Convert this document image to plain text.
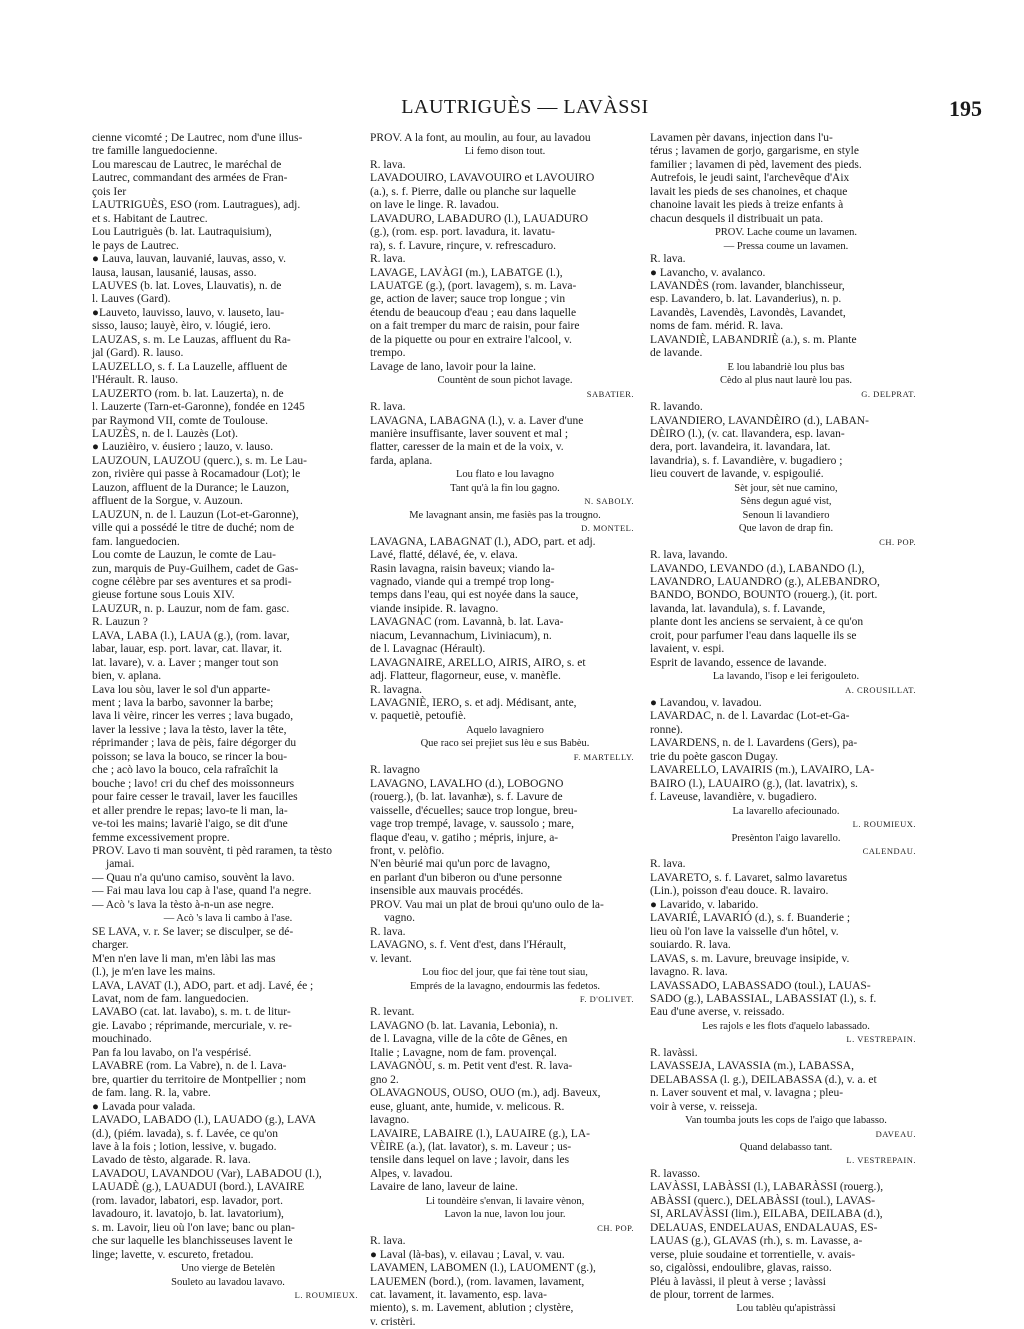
LAUTRIGUÈS — LAVÀSSI	195

cienne vicomté ; De Lautrec, nom d'une illus-

tre famille languedocienne.

Lou marescau de Lautrec, le maréchal de

Lautrec, commandant des armées de Fran-

çois Ier

LAUTRIGUÈS, ESO (rom. Lautragues), adj.

et s. Habitant de Lautrec.

Lou Lautriguès (b. lat. Lautraquisium),

le pays de Lautrec.

● Lauva, lauvan, lauvanié, lauvas, asso, v.

lausa, lausan, lausanié, lausas, asso.

LAUVES (b. lat. Loves, Llauvatis), n. de

l. Lauves (Gard).

●Lauveto, lauvisso, lauvo, v. lauseto, lau-

sisso, lauso; lauyè, èiro, v. lóugié, iero.

LAUZAS, s. m. Le Lauzas, affluent du Ra-

jal (Gard). R. lauso.

LAUZELLO, s. f. La Lauzelle, affluent de

l'Hérault. R. lauso.

LAUZERTO (rom. b. lat. Lauzerta), n. de

l. Lauzerte (Tarn-et-Garonne), fondée en 1245

par Raymond VII, comte de Toulouse.

LAUZÈS, n. de l. Lauzès (Lot).

● Lauzièiro, v. éusiero ; lauzo, v. lauso.

LAUZOUN, LAUZOU (querc.), s. m. Le Lau-

zon, rivière qui passe à Rocamadour (Lot); le

Lauzon, affluent de la Durance; le Lauzon,

affluent de la Sorgue, v. Auzoun.

LAUZUN, n. de l. Lauzun (Lot-et-Garonne),

ville qui a possédé le titre de duché; nom de

fam. languedocien.

Lou comte de Lauzun, le comte de Lau-

zun, marquis de Puy-Guilhem, cadet de Gas-

cogne célèbre par ses aventures et sa prodi-

gieuse fortune sous Louis XIV.

LAUZUR, n. p. Lauzur, nom de fam. gasc.

R. Lauzun ?

LAVA, LABA (l.), LAUA (g.), (rom. lavar,

labar, lauar, esp. port. lavar, cat. llavar, it.

lat. lavare), v. a. Laver ; manger tout son

bien, v. aplana.

Lava lou sòu, laver le sol d'un apparte-

ment ; lava la barbo, savonner la barbe;

lava li vèire, rincer les verres ; lava bugado,

laver la lessive ; lava la tèsto, laver la tête,

réprimander ; lava de pèis, faire dégorger du

poisson; se lava la bouco, se rincer la bou-

che ; acò lavo la bouco, cela rafraîchit la

bouche ; lavo! cri du chef des moissonneurs

pour faire cesser le travail, laver les faucilles

et aller prendre le repas; lavo-te li man, la-

ve-toi les mains; lavariè l'aigo, se dit d'une

femme excessivement propre.

PROV. Lavo ti man souvènt, ti pèd raramen, ta tèsto

jamai.

— Quau n'a qu'uno camiso, souvènt la lavo.

— Fai mau lava lou cap à l'ase, quand l'a negre.

— Acò 's lava la tèsto à-n-un ase negre.

— Acò 's lava li cambo à l'ase.

SE LAVA, v. r. Se laver; se disculper, se dé-

charger.

M'en n'en lave li man, m'en làbi las mas

(l.), je m'en lave les mains.

LAVA, LAVAT (l.), ADO, part. et adj. Lavé, ée ;

Lavat, nom de fam. languedocien.

LAVABO (cat. lat. lavabo), s. m. t. de litur-

gie. Lavabo ; réprimande, mercuriale, v. re-

mouchinado.

Pan fa lou lavabo, on l'a vespérisé.

LAVABRE (rom. La Vabre), n. de l. Lava-

bre, quartier du territoire de Montpellier ; nom

de fam. lang. R. la, vabre.

● Lavada pour valada.

LAVADO, LABADO (l.), LAUADO (g.), LAVA

(d.), (piém. lavada), s. f. Lavée, ce qu'on

lave à la fois ; lotion, lessive, v. bugado.

Lavado de tèsto, algarade. R. lava.

LAVADOU, LAVANDOU (Var), LABADOU (l.),

LAUADÈ (g.), LAUADUI (bord.), LAVAIRE

(rom. lavador, labatori, esp. lavador, port.

lavadouro, it. lavatojo, b. lat. lavatorium),

s. m. Lavoir, lieu où l'on lave; banc ou plan-

che sur laquelle les blanchisseuses lavent le

linge; lavette, v. escureto, fretadou.

Uno vierge de Betelèn

Souleto au lavadou lavavo.

L. ROUMIEUX.

PROV. A la font, au moulin, au four, au lavadou

Li femo dison tout.

R. lava.

LAVADOUIRO, LAVAVOUIRO et LAVOUIRO

(a.), s. f. Pierre, dalle ou planche sur laquelle

on lave le linge. R. lavadou.

LAVADURO, LABADURO (l.), LAUADURO

(g.), (rom. esp. port. lavadura, it. lavatu-

ra), s. f. Lavure, rinçure, v. refrescaduro.

R. lava.

LAVAGE, LAVÀGI (m.), LABATGE (l.),

LAUATGE (g.), (port. lavagem), s. m. Lava-

ge, action de laver; sauce trop longue ; vin

étendu de beaucoup d'eau ; eau dans laquelle

on a fait tremper du marc de raisin, pour faire

de la piquette ou pour en extraire l'alcool, v.

trempo.

Lavage de lano, lavoir pour la laine.

Countènt de soun pichot lavage.

SABATIER.

R. lava.

LAVAGNA, LABAGNA (l.), v. a. Laver d'une

manière insuffisante, laver souvent et mal ;

flatter, caresser de la main et de la voix, v.

farda, aplana.

Lou flato e lou lavagno

Tant qu'à la fin lou gagno.

N. SABOLY.

Me lavagnant ansin, me fasiès pas la trougno.

D. MONTEL.

LAVAGNA, LABAGNAT (l.), ADO, part. et adj.

Lavé, flatté, délavé, ée, v. elava.

Rasin lavagna, raisin baveux; viando la-

vagnado, viande qui a trempé trop long-

temps dans l'eau, qui est noyée dans la sauce,

viande insipide. R. lavagno.

LAVAGNAC (rom. Lavannà, b. lat. Lava-

niacum, Levannachum, Liviniacum), n.

de l. Lavagnac (Hérault).

LAVAGNAIRE, ARELLO, AIRIS, AIRO, s. et

adj. Flatteur, flagorneur, euse, v. manèfle.

R. lavagna.

LAVAGNIÈ, IERO, s. et adj. Médisant, ante,

v. paquetiè, petoufiè.

Aquelo lavagniero

Que raco sei prejiet sus lèu e sus Babèu.

F. MARTELLY.

R. lavagno

LAVAGNO, LAVALHO (d.), LOBOGNO

(rouerg.), (b. lat. lavanhæ), s. f. Lavure de

vaisselle, d'écuelles; sauce trop longue, breu-

vage trop trempé, lavage, v. saussolo ; mare,

flaque d'eau, v. gatiho ; mépris, injure, a-

front, v. pelòfio.

N'en bèurié mai qu'un porc de lavagno,

en parlant d'un biberon ou d'une personne

insensible aux mauvais procédés.

PROV. Vau mai un plat de broui qu'uno oulo de la-

vagno.

R. lava.

LAVAGNO, s. f. Vent d'est, dans l'Hérault,

v. levant.

Lou fioc del jour, que fai tène tout siau,

Emprés de la lavagno, endourmis las fedetos.

F. D'OLIVET.

R. levant.

LAVAGNO (b. lat. Lavania, Lebonia), n.

de l. Lavagna, ville de la côte de Gênes, en

Italie ; Lavagne, nom de fam. provençal.

LAVAGNÒU, s. m. Petit vent d'est. R. lava-

gno 2.

OLAVAGNOUS, OUSO, OUO (m.), adj. Baveux,

euse, gluant, ante, humide, v. melicous. R.

lavagno.

LAVAIRE, LABAIRE (l.), LAUAIRE (g.), LA-

VÈIRE (a.), (lat. lavator), s. m. Laveur ; us-

tensile dans lequel on lave ; lavoir, dans les

Alpes, v. lavadou.

Lavaire de lano, laveur de laine.

Li toundèire s'envan, li lavaire vènon,

Lavon la nue, lavon lou jour.

CH. POP.

R. lava.

● Laval (là-bas), v. eilavau ; Laval, v. vau.

LAVAMEN, LABOMEN (l.), LAUOMENT (g.),

LAUEMEN (bord.), (rom. lavamen, lavament,

cat. lavament, it. lavamento, esp. lava-

miento), s. m. Lavement, ablution ; clystère,

v. cristèri.

Lavamen pèr davans, injection dans l'u-

térus ; lavamen de gorjo, gargarisme, en style

familier ; lavamen di pèd, lavement des pieds.

Autrefois, le jeudi saint, l'archevêque d'Aix

lavait les pieds de ses chanoines, et chaque

chanoine lavait les pieds à treize enfants à

chacun desquels il distribuait un pata.

PROV. Lache coume un lavamen.

— Pressa coume un lavamen.

R. lava.

● Lavancho, v. avalanco.

LAVANDÈS (rom. lavander, blanchisseur,

esp. Lavandero, b. lat. Lavanderius), n. p.

Lavandès, Lavendès, Lavondès, Lavandet,

noms de fam. mérid. R. lava.

LAVANDIÈ, LABANDRIÈ (a.), s. m. Plante

de lavande.

E lou labandriè lou plus bas

Cèdo al plus naut laurè lou pas.

G. DELPRAT.

R. lavando.

LAVANDIERO, LAVANDÈIRO (d.), LABAN-

DÈIRO (l.), (v. cat. llavandera, esp. lavan-

dera, port. lavandeira, it. lavandara, lat.

lavandria), s. f. Lavandière, v. bugadiero ;

lieu couvert de lavande, v. espigoulié.

Sèt jour, sèt nue camino,

Sèns degun agué vist,

Senoun li lavandiero

Que lavon de drap fin.

CH. POP.

R. lava, lavando.

LAVANDO, LEVANDO (d.), LABANDO (l.),

LAVANDRO, LAUANDRO (g.), ALEBANDRO,

BANDO, BONDO, BOUNTO (rouerg.), (it. port.

lavanda, lat. lavandula), s. f. Lavande,

plante dont les anciens se servaient, à ce qu'on

croit, pour parfumer l'eau dans laquelle ils se

lavaient, v. espi.

Esprit de lavando, essence de lavande.

La lavando, l'isop e lei ferigouleto.

A. CROUSILLAT.

● Lavandou, v. lavadou.

LAVARDAC, n. de l. Lavardac (Lot-et-Ga-

ronne).

LAVARDENS, n. de l. Lavardens (Gers), pa-

trie du poète gascon Dugay.

LAVARELLO, LAVAIRIS (m.), LAVAIRO, LA-

BAIRO (l.), LAUAIRO (g.), (lat. lavatrix), s.

f. Laveuse, lavandière, v. bugadiero.

La lavarello afeciounado.

L. ROUMIEUX.

Presènton l'aigo lavarello.

CALENDAU.

R. lava.

LAVARETO, s. f. Lavaret, salmo lavaretus

(Lin.), poisson d'eau douce. R. lavairo.

● Lavarido, v. labarido.

LAVARIÉ, LAVARIÓ (d.), s. f. Buanderie ;

lieu où l'on lave la vaisselle d'un hôtel, v.

souiardo. R. lava.

LAVAS, s. m. Lavure, breuvage insipide, v.

lavagno. R. lava.

LAVASSADO, LABASSADO (toul.), LAUAS-

SADO (g.), LABASSIAL, LABASSIAT (l.), s. f.

Eau d'une averse, v. reissado.

Les rajols e les flots d'aquelo labassado.

L. VESTREPAIN.

R. lavàssi.

LAVASSEJA, LAVASSIA (m.), LABASSA,

DELABASSA (l. g.), DEILABASSA (d.), v. a. et

n. Laver souvent et mal, v. lavagna ; pleu-

voir à verse, v. reisseja.

Van toumba jouts les cops de l'aigo que labasso.

DAVEAU.

Quand delabasso tant.

L. VESTREPAIN.

R. lavasso.

LAVÀSSI, LABÀSSI (l.), LABARÀSSI (rouerg.),

ABÀSSI (querc.), DELABÀSSI (toul.), LAVAS-

SI, ARLAVÀSSI (lim.), EILABA, DEILABA (d.),

DELAUAS, ENDELAUAS, ENDALAUAS, ES-

LAUAS (g.), GLAVAS (rh.), s. m. Lavasse, a-

verse, pluie soudaine et torrentielle, v. avais-

so, cigalòssi, endoulibre, glavas, raisso.

Pléu à lavàssi, il pleut à verse ; lavàssi

de plour, torrent de larmes.

Lou tablèu qu'apistràssi
